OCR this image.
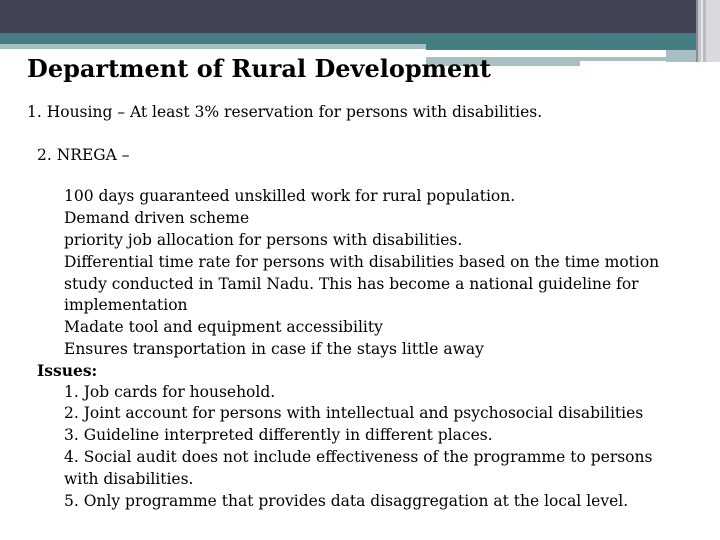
Department of Rural Development

1. Housing – At least 3% reservation for persons with disabilities.

2. NREGA –

100 days guaranteed unskilled work for rural population.

Demand driven scheme

priority job allocation for persons with disabilities.

Differential time rate for persons with disabilities based on the time motion

study conducted in Tamil Nadu. This has become a national guideline for

implementation

Madate tool and equipment accessibility

Ensures transportation in case if the stays little away

Issues:

1. Job cards for household.

2. Joint account for persons with intellectual and psychosocial disabilities

3. Guideline interpreted differently in different places.

4. Social audit does not include effectiveness of the programme to persons

with disabilities.

5. Only programme that provides data disaggregation at the local level.
